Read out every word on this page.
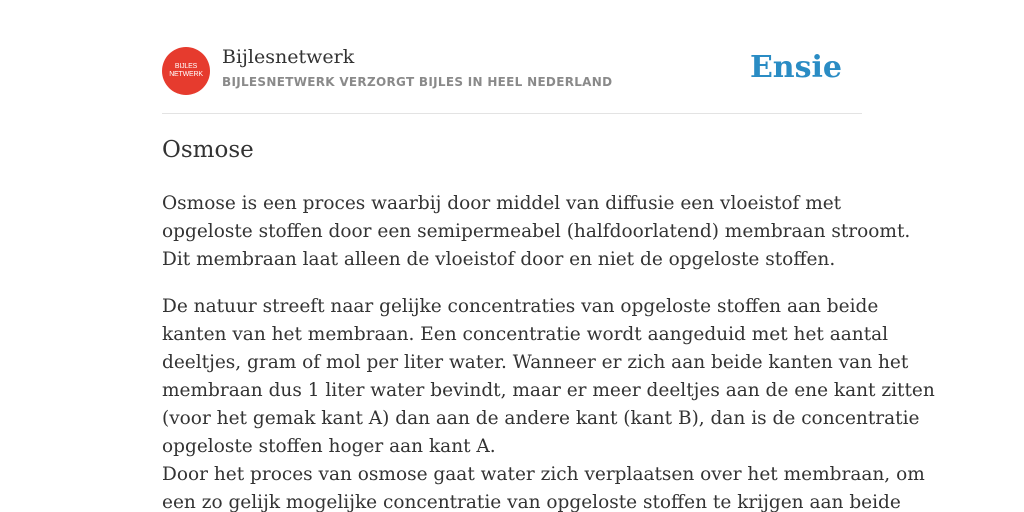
BIJLES
NETWERK
Bijlesnetwerk
BIJLESNETWERK VERZORGT BIJLES IN HEEL NEDERLAND	Ensie
Osmose

Osmose is een proces waarbij door middel van diffusie een vloeistof met
opgeloste stoffen door een semipermeabel (halfdoorlatend) membraan stroomt.
Dit membraan laat alleen de vloeistof door en niet de opgeloste stoffen.

De natuur streeft naar gelijke concentraties van opgeloste stoffen aan beide
kanten van het membraan. Een concentratie wordt aangeduid met het aantal
deeltjes, gram of mol per liter water. Wanneer er zich aan beide kanten van het
membraan dus 1 liter water bevindt, maar er meer deeltjes aan de ene kant zitten
(voor het gemak kant A) dan aan de andere kant (kant B), dan is de concentratie
opgeloste stoffen hoger aan kant A.

Door het proces van osmose gaat water zich verplaatsen over het membraan, om
een zo gelijk mogelijke concentratie van opgeloste stoffen te krijgen aan beide
